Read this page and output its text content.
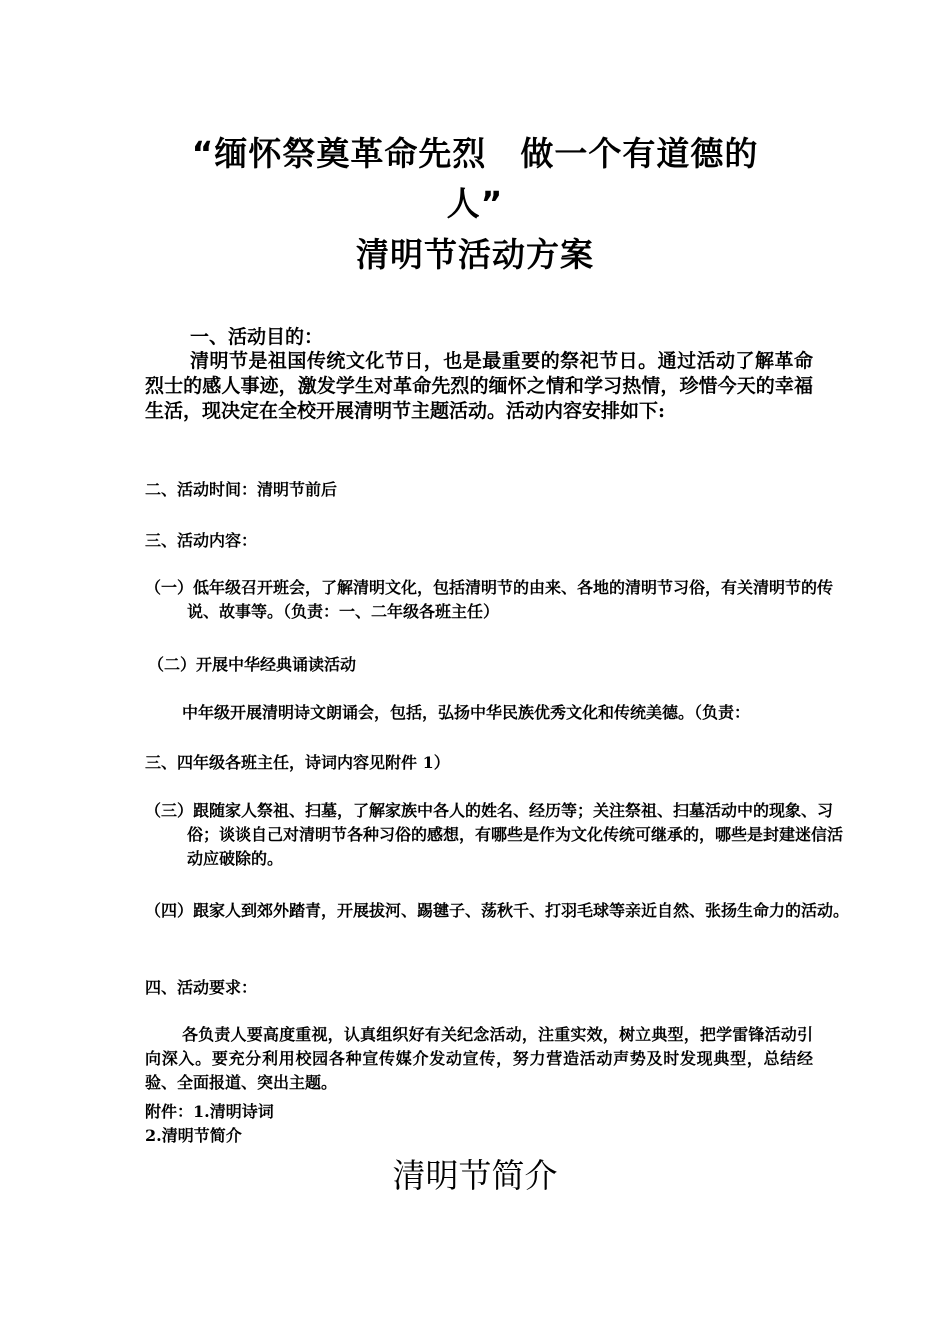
“缅怀祭奠革命先烈　做一个有道德的

人”

清明节活动方案

一、活动目的：

清明节是祖国传统文化节日，也是最重要的祭祀节日。通过活动了解革命烈士的感人事迹，激发学生对革命先烈的缅怀之情和学习热情，珍惜今天的幸福生活，现决定在全校开展清明节主题活动。活动内容安排如下:

二、活动时间：清明节前后

三、活动内容：

（一）低年级召开班会，了解清明文化，包括清明节的由来、各地的清明节习俗，有关清明节的传说、故事等。（负责：一、二年级各班主任）

（二）开展中华经典诵读活动

中年级开展清明诗文朗诵会，包括，弘扬中华民族优秀文化和传统美德。（负责：

三、四年级各班主任，诗词内容见附件 1）

（三）跟随家人祭祖、扫墓，了解家族中各人的姓名、经历等；关注祭祖、扫墓活动中的现象、习俗；谈谈自己对清明节各种习俗的感想，有哪些是作为文化传统可继承的，哪些是封建迷信活动应破除的。

（四）跟家人到郊外踏青，开展拔河、踢毽子、荡秋千、打羽毛球等亲近自然、张扬生命力的活动。

四、活动要求：

各负责人要高度重视，认真组织好有关纪念活动，注重实效，树立典型，把学雷锋活动引向深入。要充分利用校园各种宣传媒介发动宣传，努力营造活动声势及时发现典型，总结经验、全面报道、突出主题。

附件：1.清明诗词

2.清明节简介

清明节简介
